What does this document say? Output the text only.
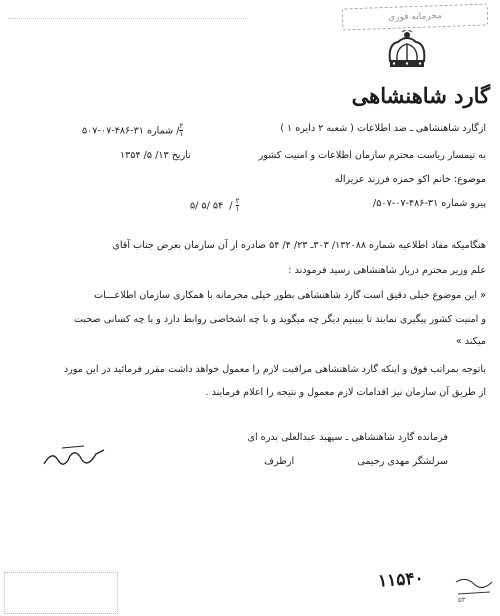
محرمانه فوری
گارد شاهنشاهی
ازگارد شاهنشاهی ـ ضد اطلاعات ( شعبه ۲ دایره ۱ )
شماره ۳۱-۴۸۶-۰۷-۵۰۷ / $\frac{۲}{۱}$
به تیمسار ریاست محترم سازمان اطلاعات و امنیت کشور
تاریخ ۱۳/ ۵/ ۱۳۵۴
موضوع: خانم اکو حمزه فرزند عزیزاله
۵/ ۵/ ۵۴  / $\frac{۲}{۱}$	پیرو شماره ۳۱-۴۸۶-۰۷-۵۰۷/
هنگامیکه مفاد اطلاعیه شماره ۱۳۲۰۸۸/ ۳۰۳ـ ۲۳/ ۴/ ۵۴ صادره از آن سازمان بعرض جناب آقای
علم وزیر محترم دربار شاهنشاهی رسید فرمودند :
« این موضوع خیلی دقیق است گارد شاهنشاهی بطور خیلی محرمانه با همکاری سازمان اطلاعـــات
و امنیت کشور پیگیری نمایند تا ببینیم دیگر چه میگوید و با چه اشخاصی روابط دارد و با چه کسانی صحبت
میکند »
باتوجه بمراتب فوق و اینکه گارد شاهنشاهی مراقبت لازم را معمول خواهد داشت مقرر فرمائید در این مورد
از طریق آن سازمان نیز اقدامات لازم معمول و نتیجه را اعلام فرمایند .
فرمانده گارد شاهنشاهی ـ سپهبد عبدالعلی بدره ای
سرلشگر مهدی رحیمی
ازطرف
۱۱۵۴۰
۵۳
